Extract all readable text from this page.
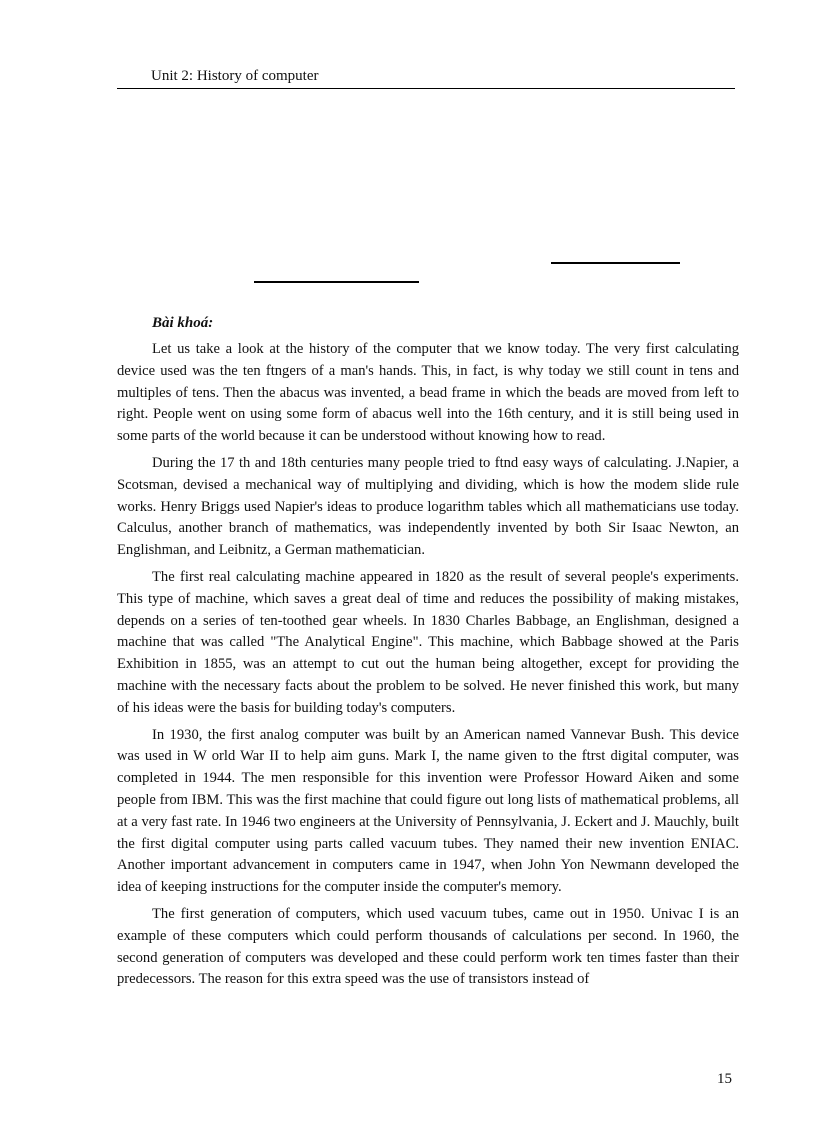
Unit 2: History of computer
Bài khoá:

Let us take a look at the history of the computer that we know today. The very first calculating device used was the ten ftngers of a man's hands. This, in fact, is why today we still count in tens and multiples of tens. Then the abacus was invented, a bead frame in which the beads are moved from left to right. People went on using some form of abacus well into the 16th century, and it is still being used in some parts of the world because it can be understood without knowing how to read.

During the 17 th and 18th centuries many people tried to ftnd easy ways of calculating. J.Napier, a Scotsman, devised a mechanical way of multiplying and dividing, which is how the modem slide rule works. Henry Briggs used Napier's ideas to produce logarithm tables which all mathematicians use today. Calculus, another branch of mathematics, was independently invented by both Sir Isaac Newton, an Englishman, and Leibnitz, a German mathematician.

The first real calculating machine appeared in 1820 as the result of several people's experiments. This type of machine, which saves a great deal of time and reduces the possibility of making mistakes, depends on a series of ten-toothed gear wheels. In 1830 Charles Babbage, an Englishman, designed a machine that was called "The Analytical Engine". This machine, which Babbage showed at the Paris Exhibition in 1855, was an attempt to cut out the human being altogether, except for providing the machine with the necessary facts about the problem to be solved. He never finished this work, but many of his ideas were the basis for building today's computers.

In 1930, the first analog computer was built by an American named Vannevar Bush. This device was used in W orld War II to help aim guns. Mark I, the name given to the ftrst digital computer, was completed in 1944. The men responsible for this invention were Professor Howard Aiken and some people from IBM. This was the first machine that could figure out long lists of mathematical problems, all at a very fast rate. In 1946 two engineers at the University of Pennsylvania, J. Eckert and J. Mauchly, built the first digital computer using parts called vacuum tubes. They named their new invention ENIAC. Another important advancement in computers came in 1947, when John Yon Newmann developed the idea of keeping instructions for the computer inside the computer's memory.

The first generation of computers, which used vacuum tubes, came out in 1950. Univac I is an example of these computers which could perform thousands of calculations per second. In 1960, the second generation of computers was developed and these could perform work ten times faster than their predecessors. The reason for this extra speed was the use of transistors instead of

15
